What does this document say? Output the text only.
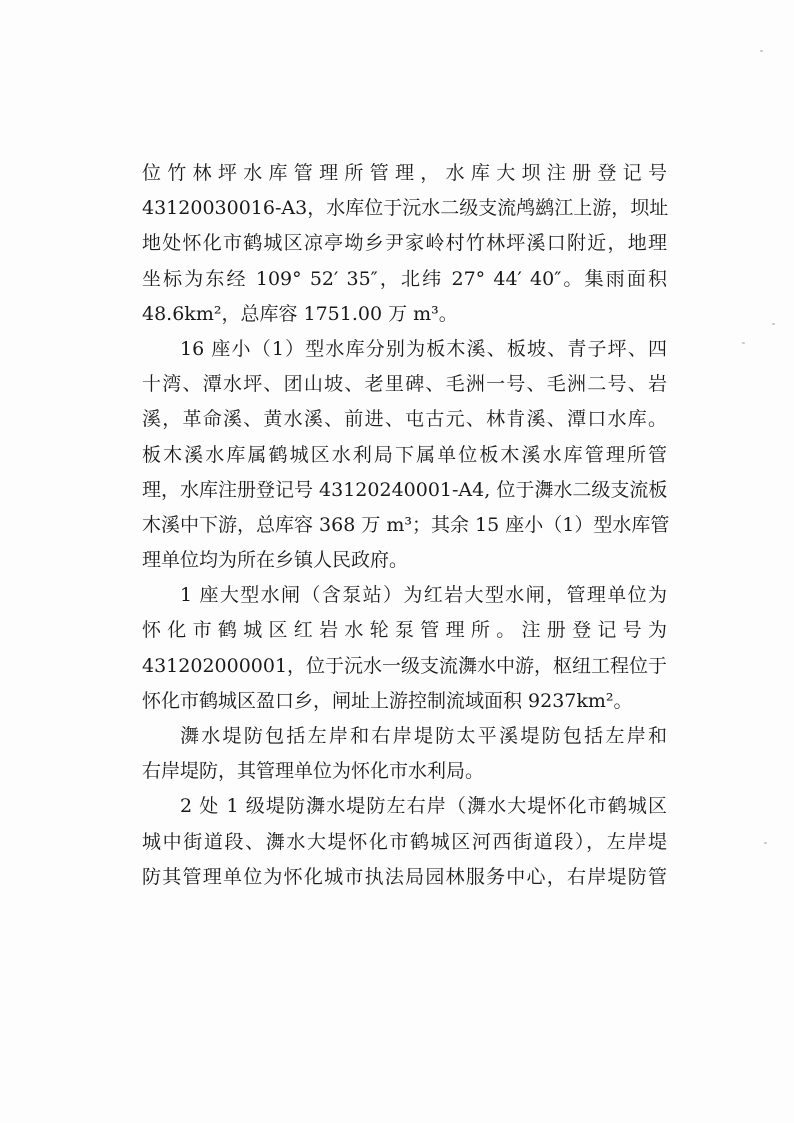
位竹林坪水库管理所管理，水库大坝注册登记号
43120030016-A3，水库位于沅水二级支流鸬鹚江上游，坝址
地处怀化市鹤城区凉亭坳乡尹家岭村竹林坪溪口附近，地理
坐标为东经 109° 52′ 35″，北纬 27° 44′ 40″。集雨面积
48.6km²，总库容 1751.00 万 m³。
16 座小（1）型水库分别为板木溪、板坡、青子坪、四
十湾、潭水坪、团山坡、老里碑、毛洲一号、毛洲二号、岩
溪，革命溪、黄水溪、前进、屯古元、林肯溪、潭口水库。
板木溪水库属鹤城区水利局下属单位板木溪水库管理所管
理，水库注册登记号 43120240001-A4, 位于㵲水二级支流板
木溪中下游，总库容 368 万 m³；其余 15 座小（1）型水库管
理单位均为所在乡镇人民政府。
1 座大型水闸（含泵站）为红岩大型水闸，管理单位为
怀化市鹤城区红岩水轮泵管理所。注册登记号为
431202000001，位于沅水一级支流㵲水中游，枢纽工程位于
怀化市鹤城区盈口乡，闸址上游控制流域面积 9237km²。
㵲水堤防包括左岸和右岸堤防太平溪堤防包括左岸和
右岸堤防，其管理单位为怀化市水利局。
2 处 1 级堤防㵲水堤防左右岸（㵲水大堤怀化市鹤城区
城中街道段、㵲水大堤怀化市鹤城区河西街道段），左岸堤
防其管理单位为怀化城市执法局园林服务中心，右岸堤防管
